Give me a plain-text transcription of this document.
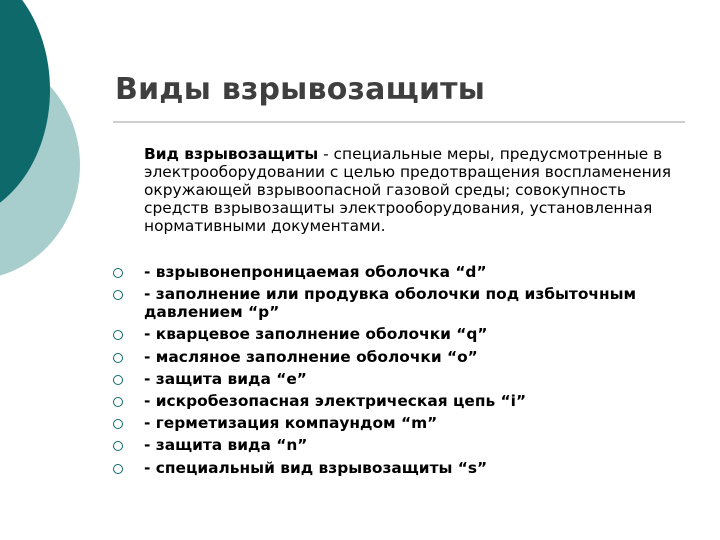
Виды взрывозащиты

Вид взрывозащиты - специальные меры, предусмотренные в электрооборудовании с целью предотвращения воспламенения окружающей взрывоопасной газовой среды; совокупность средств взрывозащиты электрооборудования, установленная нормативными документами.

- взрывонепроницаемая оболочка “d”
- заполнение или продувка оболочки под избыточным давлением “p”
- кварцевое заполнение оболочки “q”
- масляное заполнение оболочки “o”
- защита вида “e”
- искробезопасная электрическая цепь “i”
- герметизация компаундом “m”
- защита вида “n”
- специальный вид взрывозащиты “s”
